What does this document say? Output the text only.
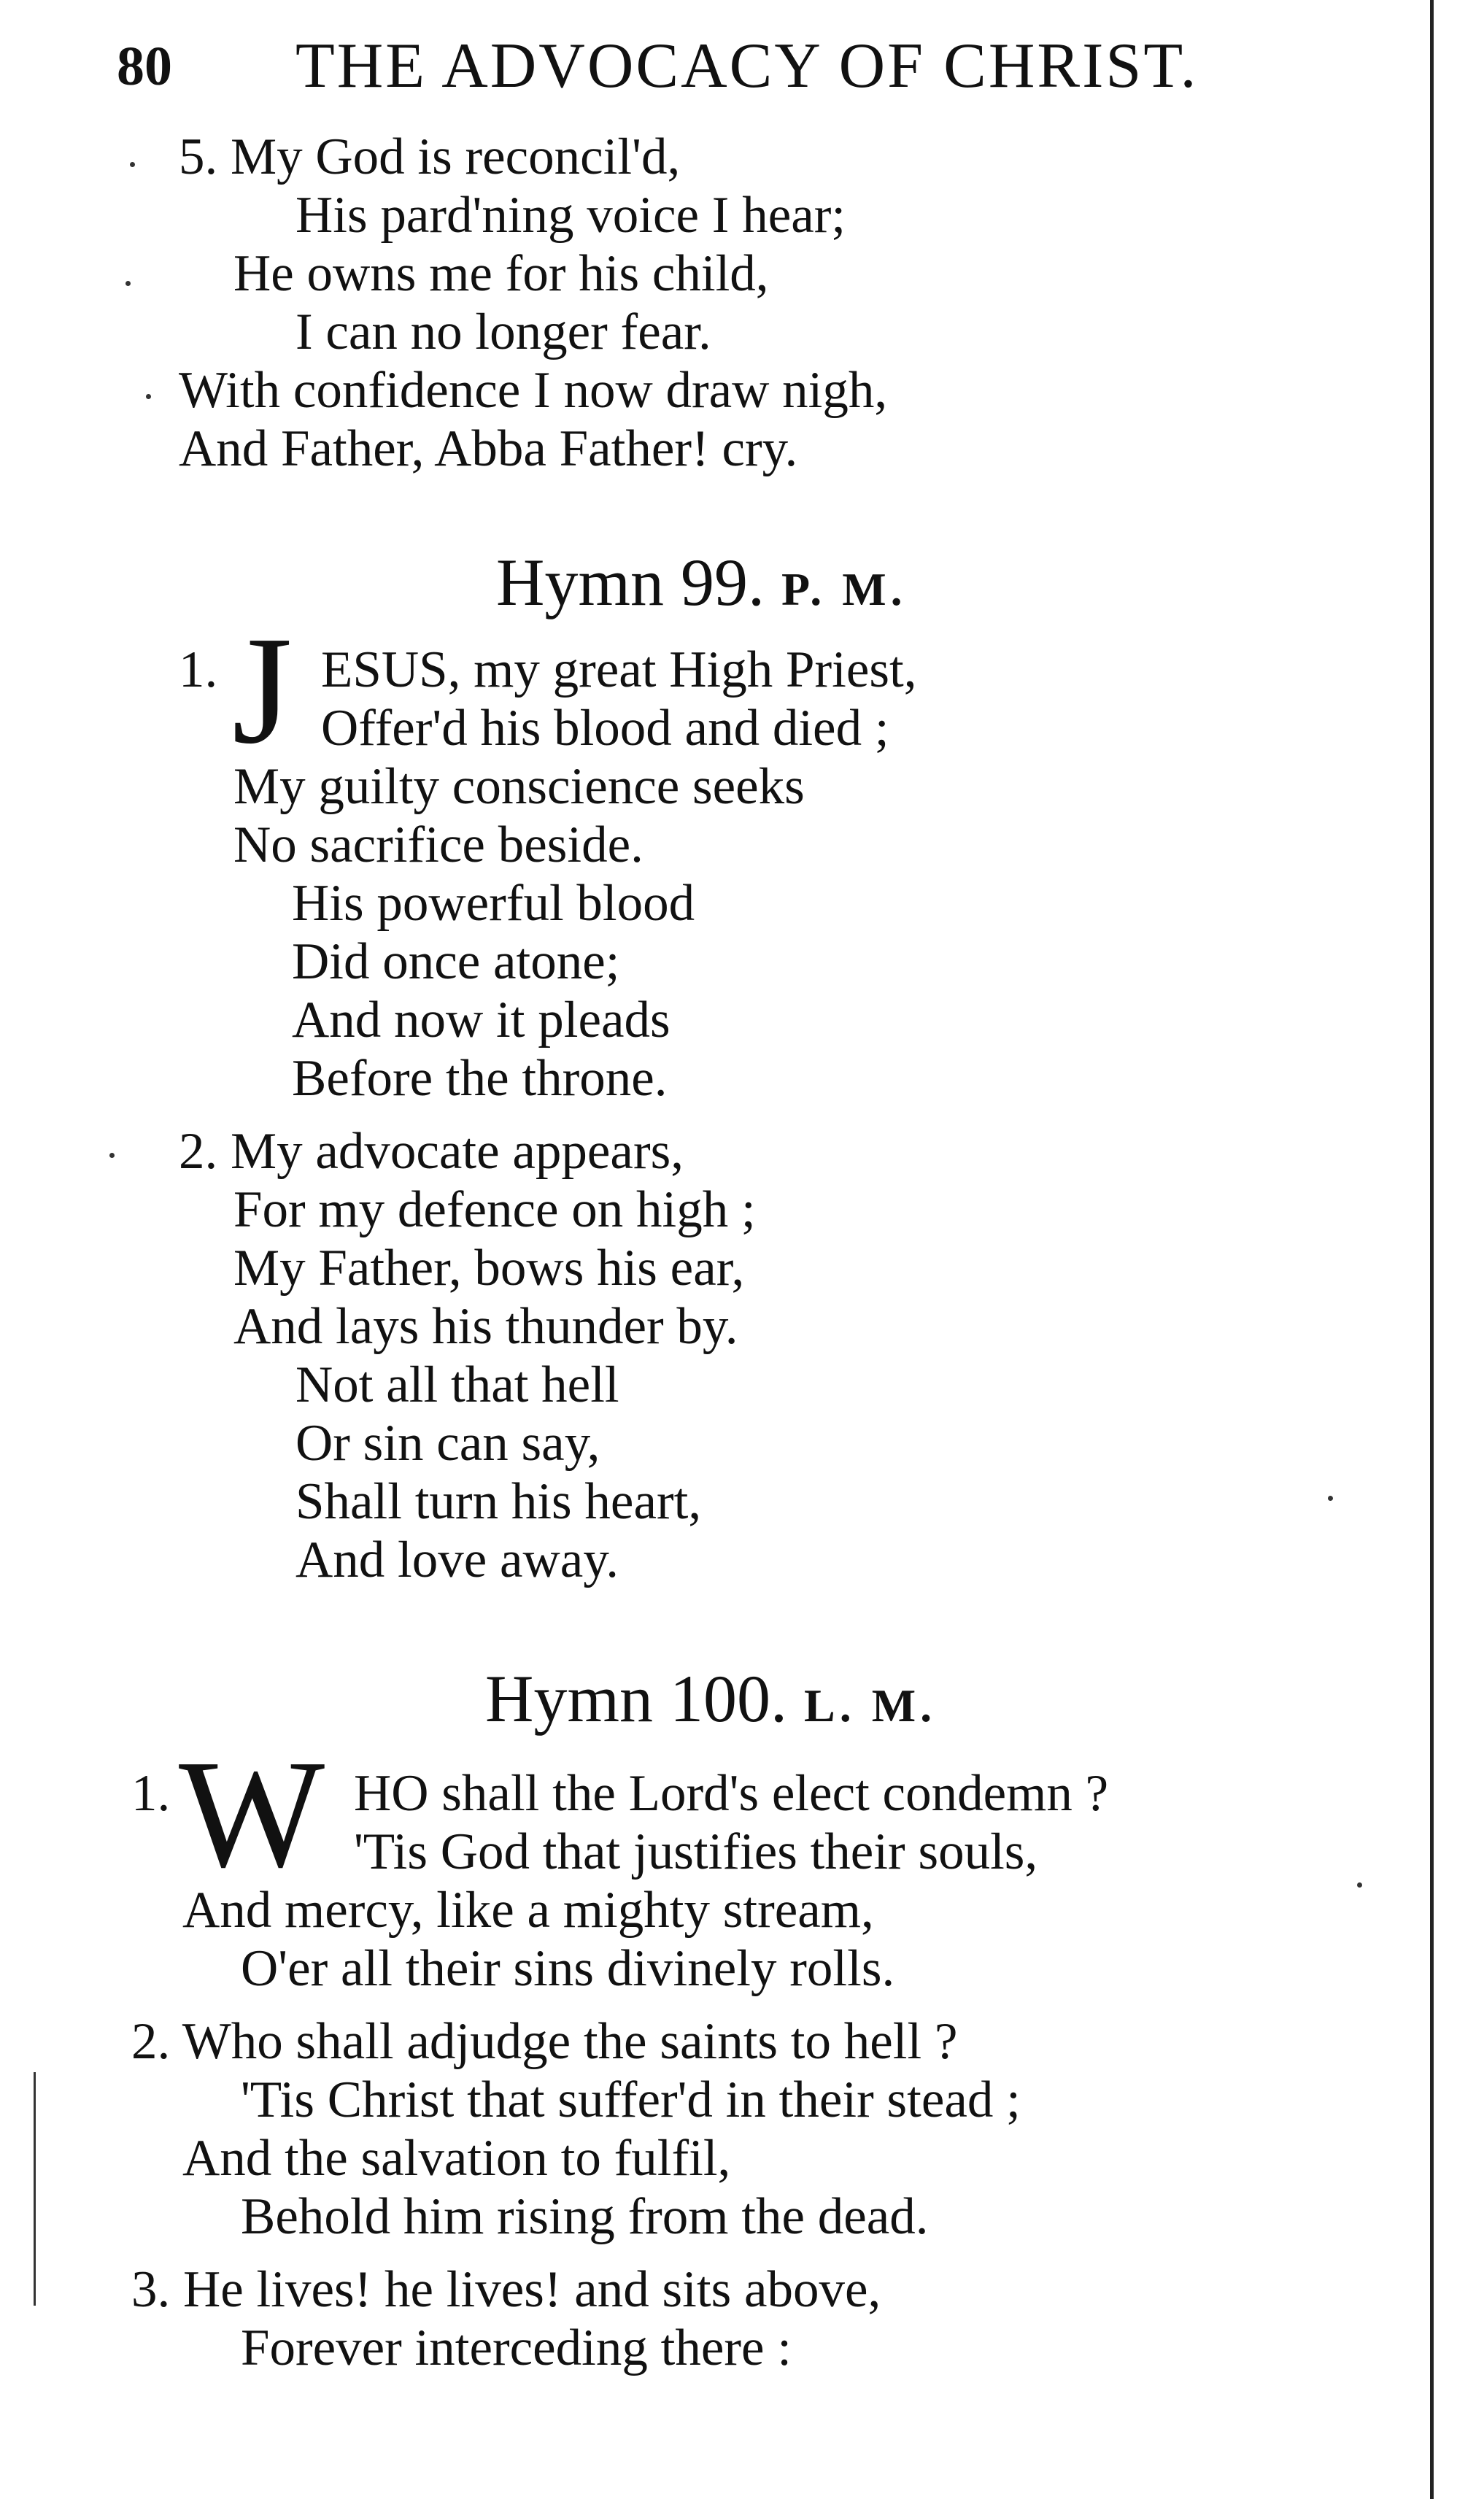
80 THE ADVOCACY OF CHRIST.
5. My God is reconcil'd,
His pard'ning voice I hear;
He owns me for his child,
I can no longer fear.
With confidence I now draw nigh,
And Father, Abba Father! cry.
Hymn 99. P. M.
1. J ESUS, my great High Priest,
Offer'd his blood and died ;
My guilty conscience seeks
No sacrifice beside.
His powerful blood
Did once atone;
And now it pleads
Before the throne.
2. My advocate appears,
For my defence on high ;
My Father, bows his ear,
And lays his thunder by.
Not all that hell
Or sin can say,
Shall turn his heart,
And love away.
Hymn 100. L. M.
1. W HO shall the Lord's elect condemn ?
'Tis God that justifies their souls,
And mercy, like a mighty stream,
O'er all their sins divinely rolls.
2. Who shall adjudge the saints to hell ?
'Tis Christ that suffer'd in their stead ;
And the salvation to fulfil,
Behold him rising from the dead.
3. He lives! he lives! and sits above,
Forever interceding there :
